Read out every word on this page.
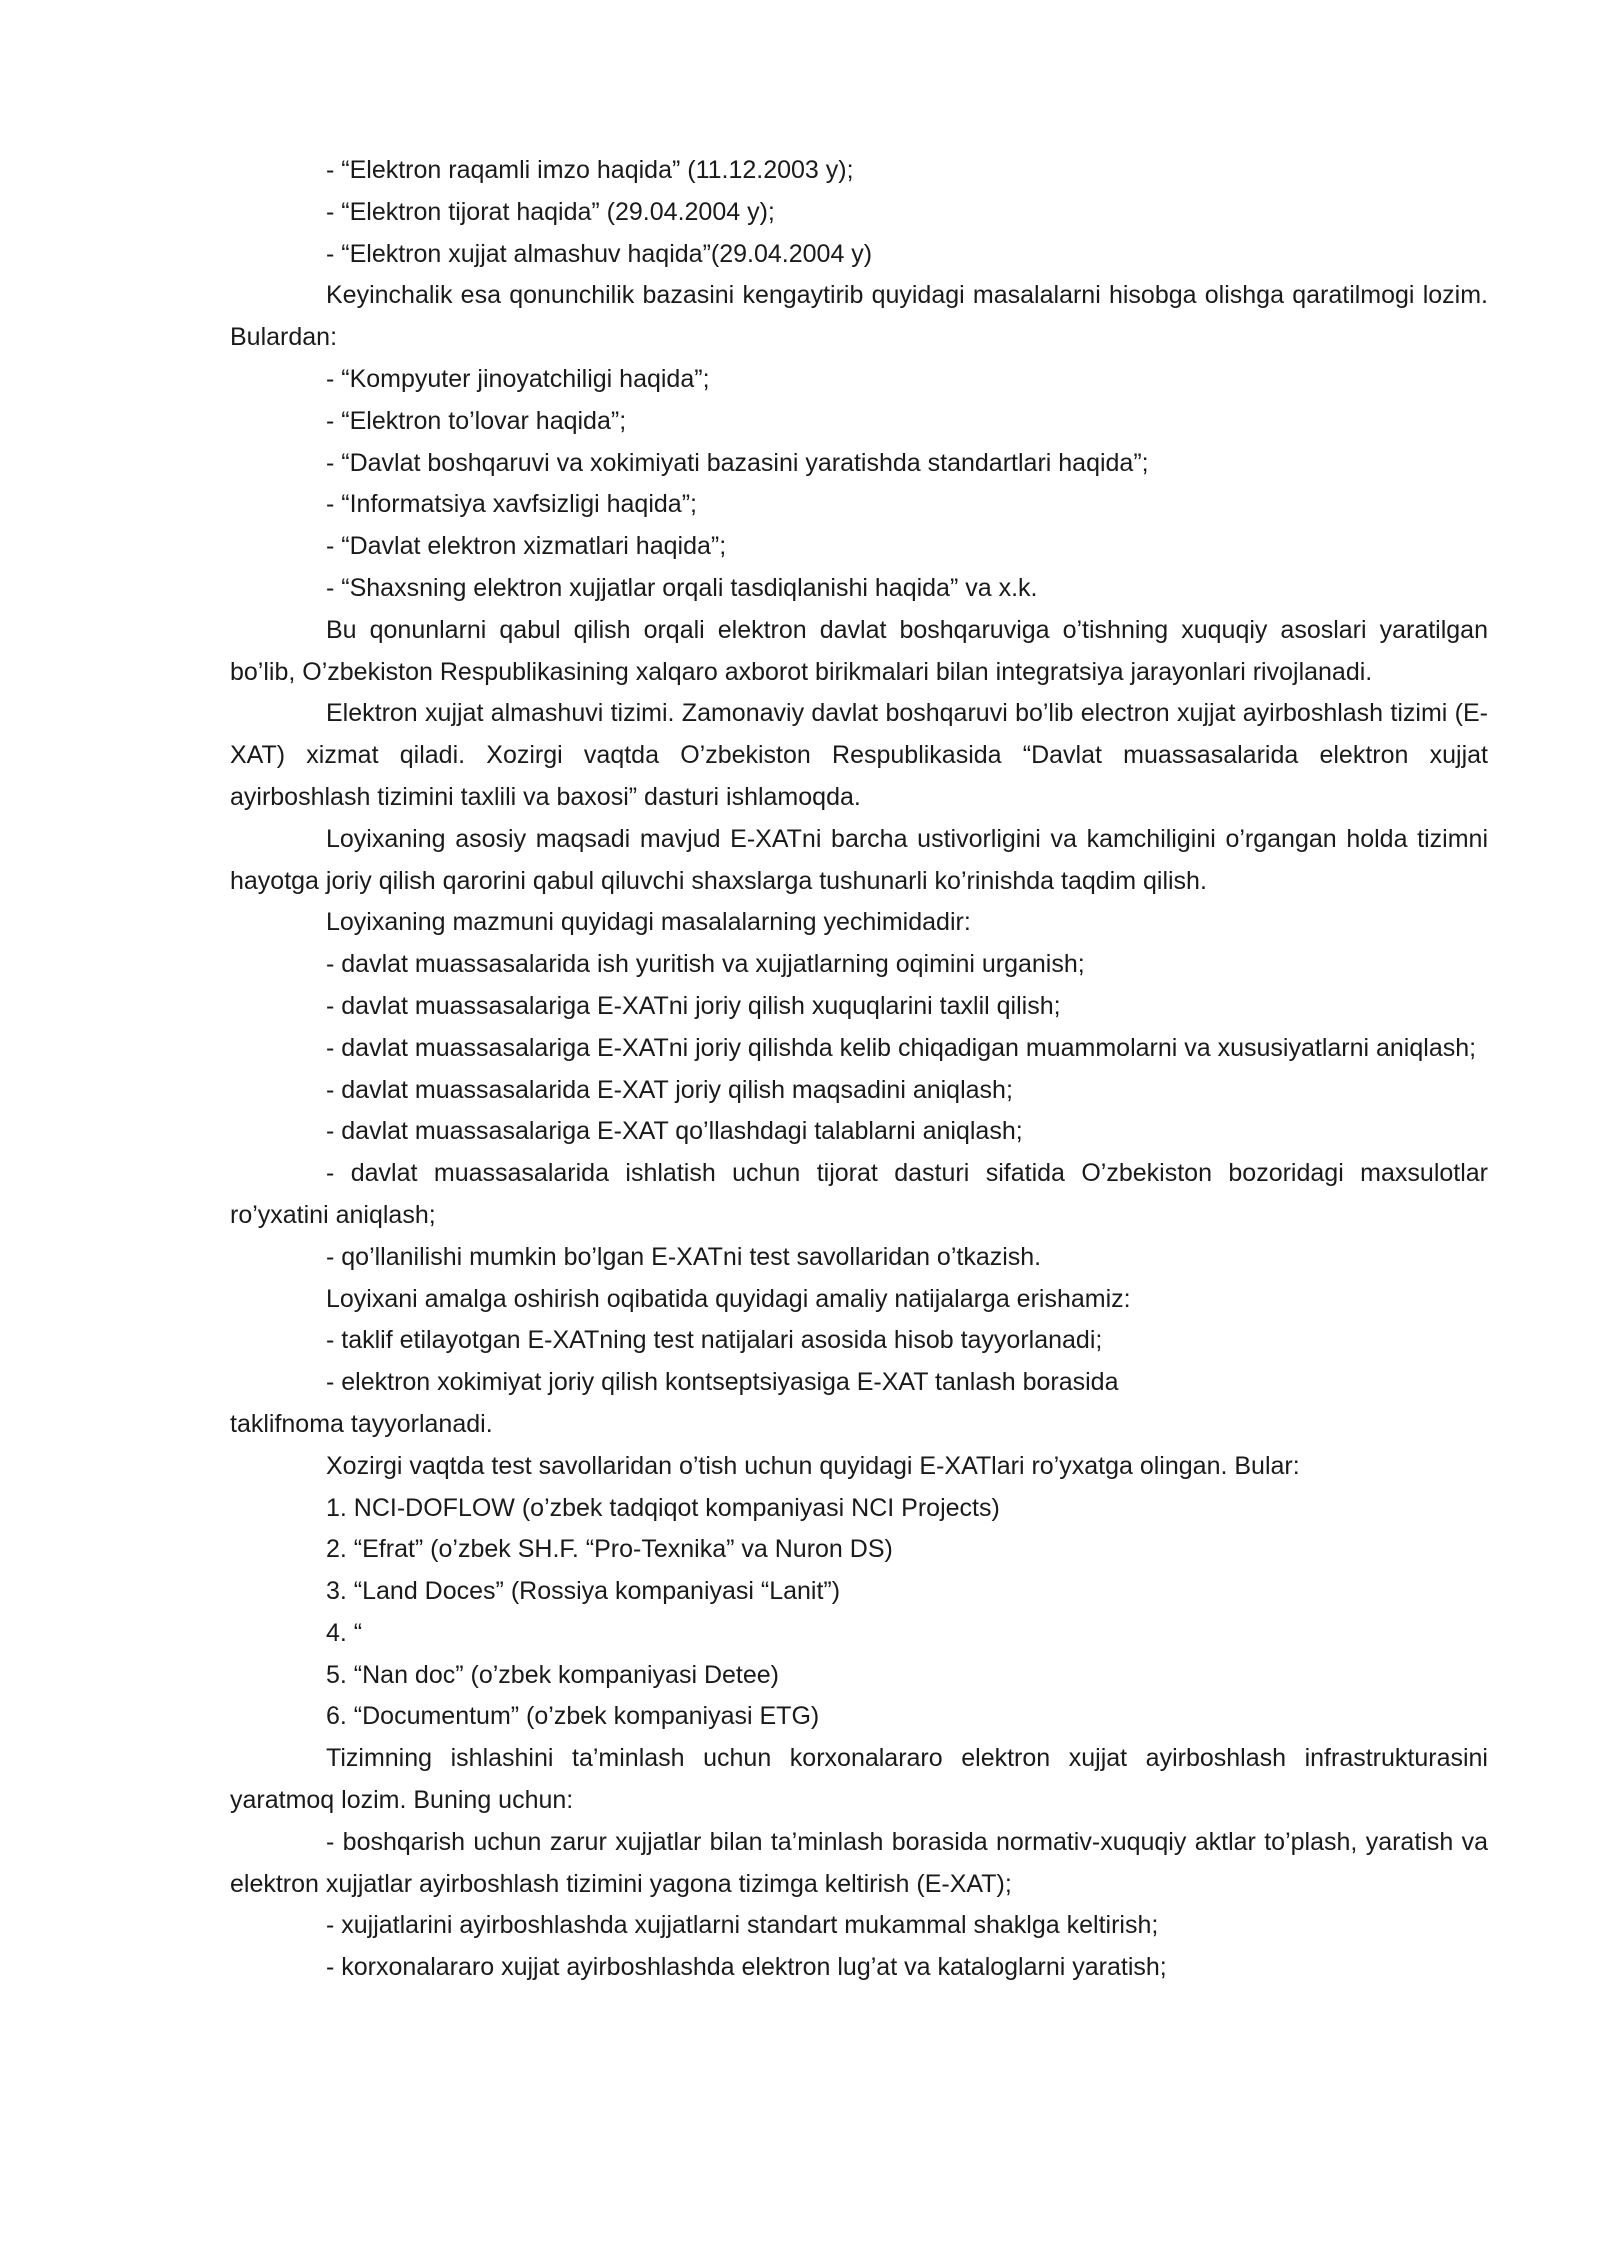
- “Elektron raqamli imzo haqida” (11.12.2003 y);

- “Elektron tijorat haqida” (29.04.2004 y);

- “Elektron xujjat almashuv haqida”(29.04.2004 y)

Keyinchalik esa qonunchilik bazasini kengaytirib quyidagi masalalarni hisobga olishga qaratilmogi lozim. Bulardan:

- “Kompyuter jinoyatchiligi haqida”;

- “Elektron to’lovar haqida”;

- “Davlat boshqaruvi va xokimiyati bazasini yaratishda standartlari haqida”;

- “Informatsiya xavfsizligi haqida”;

- “Davlat elektron xizmatlari haqida”;

- “Shaxsning elektron xujjatlar orqali tasdiqlanishi haqida” va x.k.

Bu qonunlarni qabul qilish orqali elektron davlat boshqaruviga o’tishning xuquqiy asoslari yaratilgan bo’lib, O’zbekiston Respublikasining xalqaro axborot birikmalari bilan integratsiya jarayonlari rivojlanadi.

Elektron xujjat almashuvi tizimi. Zamonaviy davlat boshqaruvi bo’lib electron xujjat ayirboshlash tizimi (E-XAT) xizmat qiladi. Xozirgi vaqtda O’zbekiston Respublikasida “Davlat muassasalarida elektron xujjat ayirboshlash tizimini taxlili va baxosi” dasturi ishlamoqda.

Loyixaning asosiy maqsadi mavjud E-XATni barcha ustivorligini va kamchiligini o’rgangan holda tizimni hayotga joriy qilish qarorini qabul qiluvchi shaxslarga tushunarli ko’rinishda taqdim qilish.

Loyixaning mazmuni quyidagi masalalarning yechimidadir:

- davlat muassasalarida ish yuritish va xujjatlarning oqimini urganish;

- davlat muassasalariga E-XATni joriy qilish xuquqlarini taxlil qilish;

- davlat muassasalariga E-XATni joriy qilishda kelib chiqadigan muammolarni va xususiyatlarni aniqlash;

- davlat muassasalarida E-XAT joriy qilish maqsadini aniqlash;

- davlat muassasalariga E-XAT qo’llashdagi talablarni aniqlash;

- davlat muassasalarida ishlatish uchun tijorat dasturi sifatida O’zbekiston bozoridagi maxsulotlar ro’yxatini aniqlash;

- qo’llanilishi mumkin bo’lgan E-XATni test savollaridan o’tkazish.

Loyixani amalga oshirish oqibatida quyidagi amaliy natijalarga erishamiz:

- taklif etilayotgan E-XATning test natijalari asosida hisob tayyorlanadi;

- elektron xokimiyat joriy qilish kontseptsiyasiga E-XAT tanlash borasida

taklifnoma tayyorlanadi.

Xozirgi vaqtda test savollaridan o’tish uchun quyidagi E-XATlari ro’yxatga olingan. Bular:

1. NCI-DOFLOW (o’zbek tadqiqot kompaniyasi NCI Projects)

2. “Efrat” (o’zbek SH.F. “Pro-Texnika” va Nuron DS)

3. “Land Doces” (Rossiya kompaniyasi “Lanit”)

4. “

5. “Nan doc” (o’zbek kompaniyasi Detee)

6. “Documentum” (o’zbek kompaniyasi ETG)

Tizimning ishlashini ta’minlash uchun korxonalararo elektron xujjat ayirboshlash infrastrukturasini yaratmoq lozim. Buning uchun:

- boshqarish uchun zarur xujjatlar bilan ta’minlash borasida normativ-xuquqiy aktlar to’plash, yaratish va elektron xujjatlar ayirboshlash tizimini yagona tizimga keltirish (E-XAT);

- xujjatlarini ayirboshlashda xujjatlarni standart mukammal shaklga keltirish;

- korxonalararo xujjat ayirboshlashda elektron lug’at va kataloglarni yaratish;
